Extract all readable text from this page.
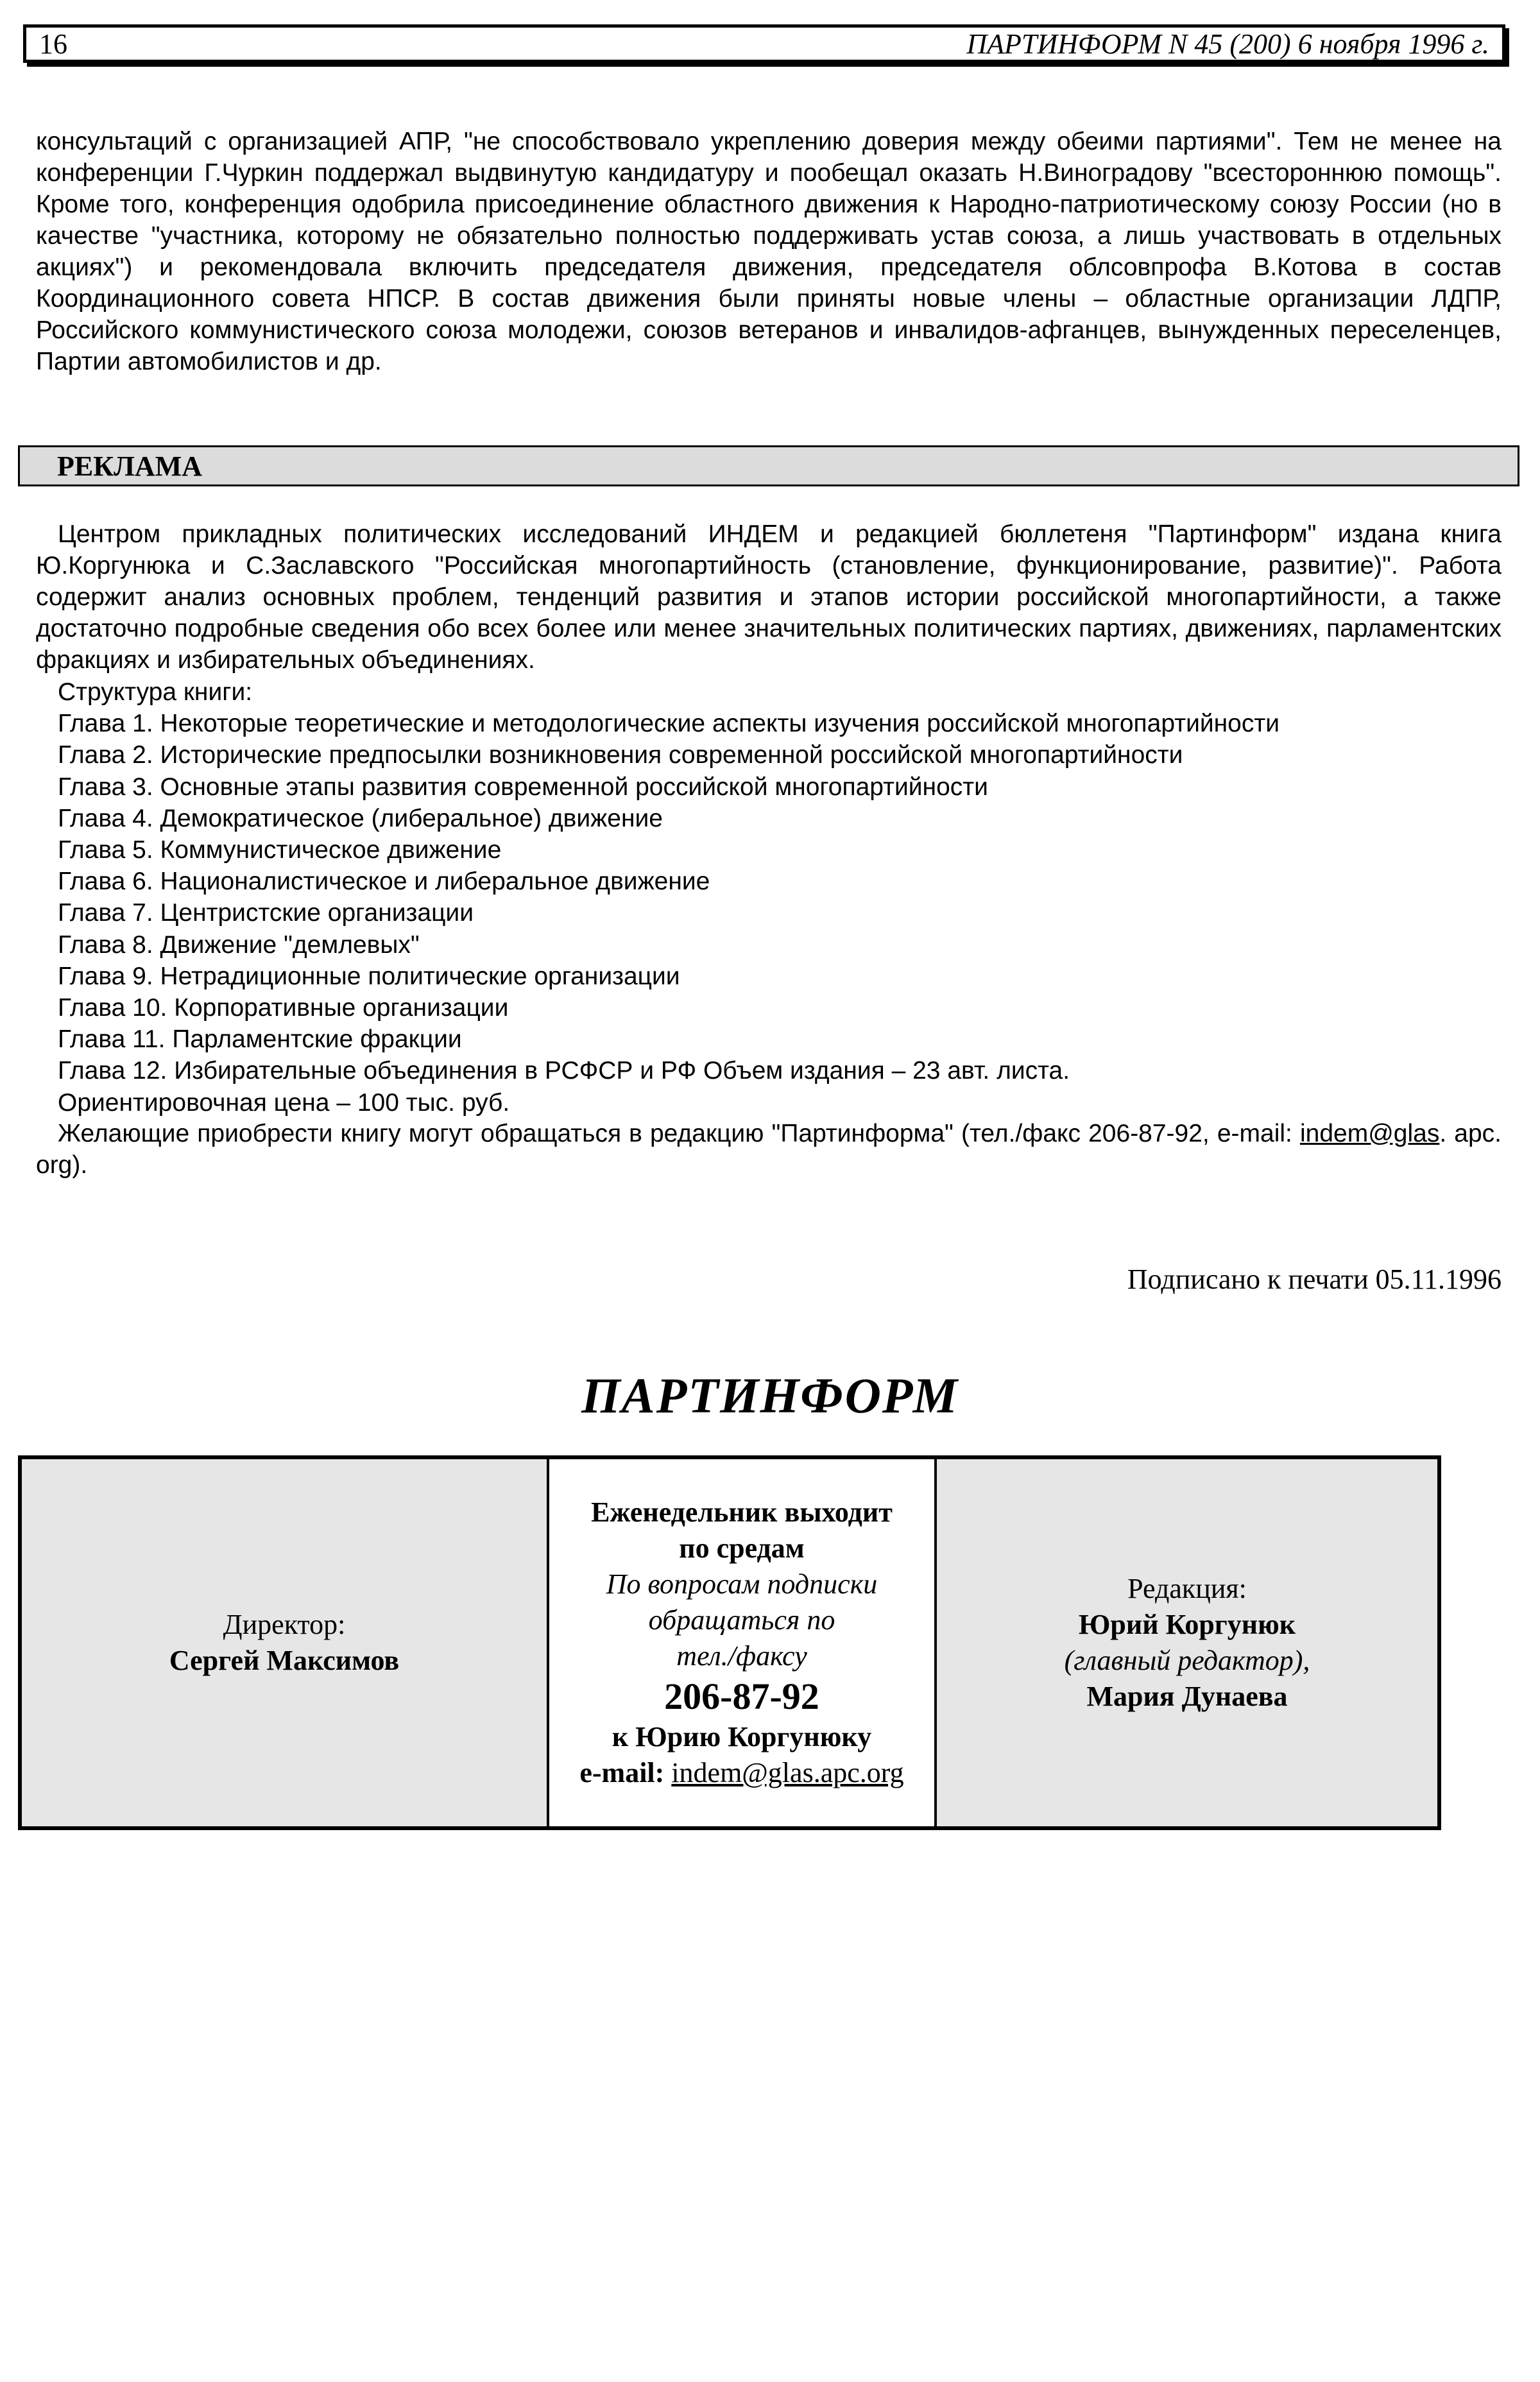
16	ПАРТИНФОРМ N 45 (200) 6 ноября 1996 г.
консультаций с организацией АПР, "не способствовало укреплению доверия между обеими партиями". Тем не менее на конференции Г.Чуркин поддержал выдвинутую кандидатуру и пообещал оказать Н.Виноградову "всестороннюю помощь". Кроме того, конференция одобрила присоединение областного движения к Народно-патриотическому союзу России (но в качестве "участника, которому не обязательно полностью поддерживать устав союза, а лишь участвовать в отдельных акциях") и рекомендовала включить председателя движения, председателя облсовпрофа В.Котова в состав Координационного совета НПСР. В состав движения были приняты новые члены – областные организации ЛДПР, Российского коммунистического союза молодежи, союзов ветеранов и инвалидов-афганцев, вынужденных переселенцев, Партии автомобилистов и др.
РЕКЛАМА
Центром прикладных политических исследований ИНДЕМ и редакцией бюллетеня "Партинформ" издана книга Ю.Коргунюка и С.Заславского "Российская многопартийность (становление, функционирование, развитие)". Работа содержит анализ основных проблем, тенденций развития и этапов истории российской многопартийности, а также достаточно подробные сведения обо всех более или менее значительных политических партиях, движениях, парламентских фракциях и избирательных объединениях.
Структура книги:
Глава 1. Некоторые теоретические и методологические аспекты изучения российской многопартийности
Глава 2. Исторические предпосылки возникновения современной российской многопартийности
Глава 3. Основные этапы развития современной российской многопартийности
Глава 4. Демократическое (либеральное) движение
Глава 5. Коммунистическое движение
Глава 6. Националистическое и либеральное движение
Глава 7. Центристские организации
Глава 8. Движение "демлевых"
Глава 9. Нетрадиционные политические организации
Глава 10. Корпоративные организации
Глава 11. Парламентские фракции
Глава 12. Избирательные объединения в РСФСР и РФ Объем издания – 23 авт. листа.
Ориентировочная цена – 100 тыс. руб.
Желающие приобрести книгу могут обращаться в редакцию "Партинформа" (тел./факс 206-87-92, e-mail: indem@glas. apc. org).
Подписано к печати 05.11.1996
ПАРТИНФОРМ
Директор:
Сергей Максимов
Еженедельник выходит
по средам
По вопросам подписки
обращаться по
тел./факсу
206-87-92
к Юрию Коргунюку
e-mail: indem@glas.apc.org
Редакция:
Юрий Коргунюк
(главный редактор),
Мария Дунаева
